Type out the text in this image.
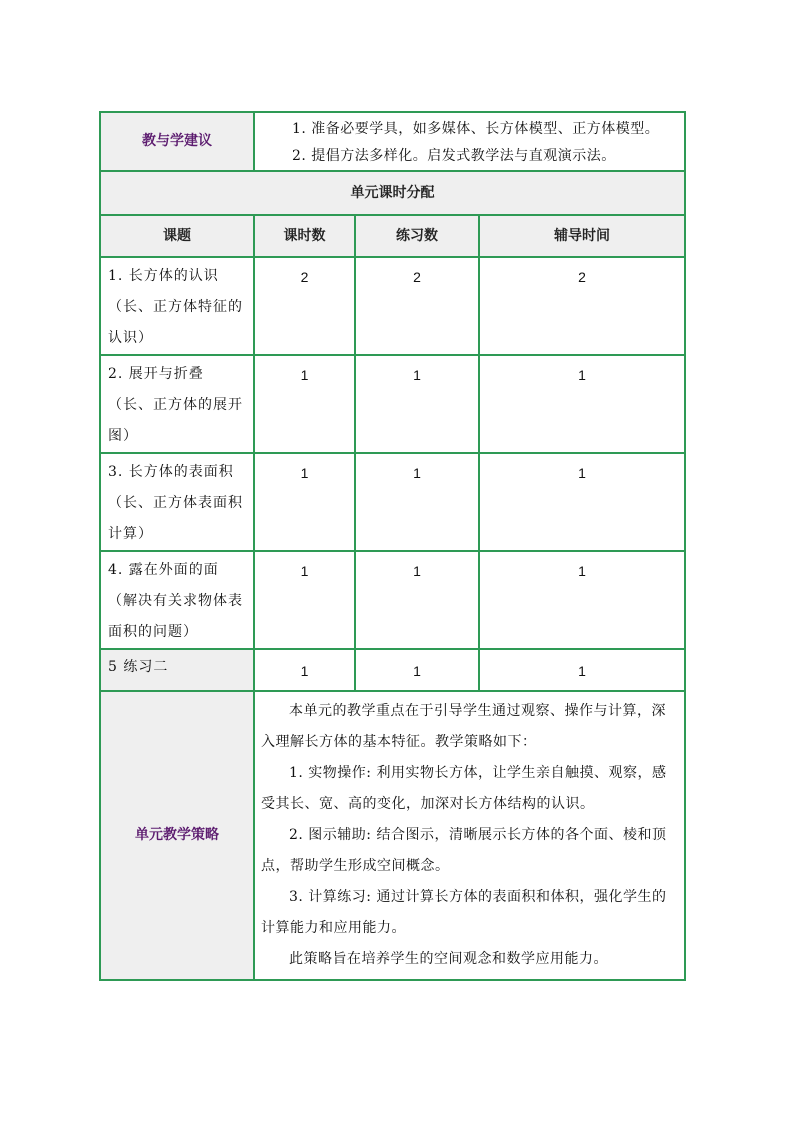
教与学建议	1. 准备必要学具，如多媒体、长方体模型、正方体模型。
2. 提倡方法多样化。启发式教学法与直观演示法。		

单元课时分配			
课题	课时数	练习数	辅导时间
1. 长方体的认识（长、正方体特征的认识）	2	2	2
2. 展开与折叠（长、正方体的展开图）	1	1	1
3. 长方体的表面积（长、正方体表面积计算）	1	1	1
4. 露在外面的面（解决有关求物体表面积的问题）	1	1	1
5 练习二	1	1	1
单元教学策略	本单元的教学重点在于引导学生通过观察、操作与计算，深入理解长方体的基本特征。教学策略如下：

1. 实物操作: 利用实物长方体，让学生亲自触摸、观察，感受其长、宽、高的变化，加深对长方体结构的认识。

2. 图示辅助: 结合图示，清晰展示长方体的各个面、棱和顶点，帮助学生形成空间概念。

3. 计算练习: 通过计算长方体的表面积和体积，强化学生的计算能力和应用能力。

此策略旨在培养学生的空间观念和数学应用能力。		
